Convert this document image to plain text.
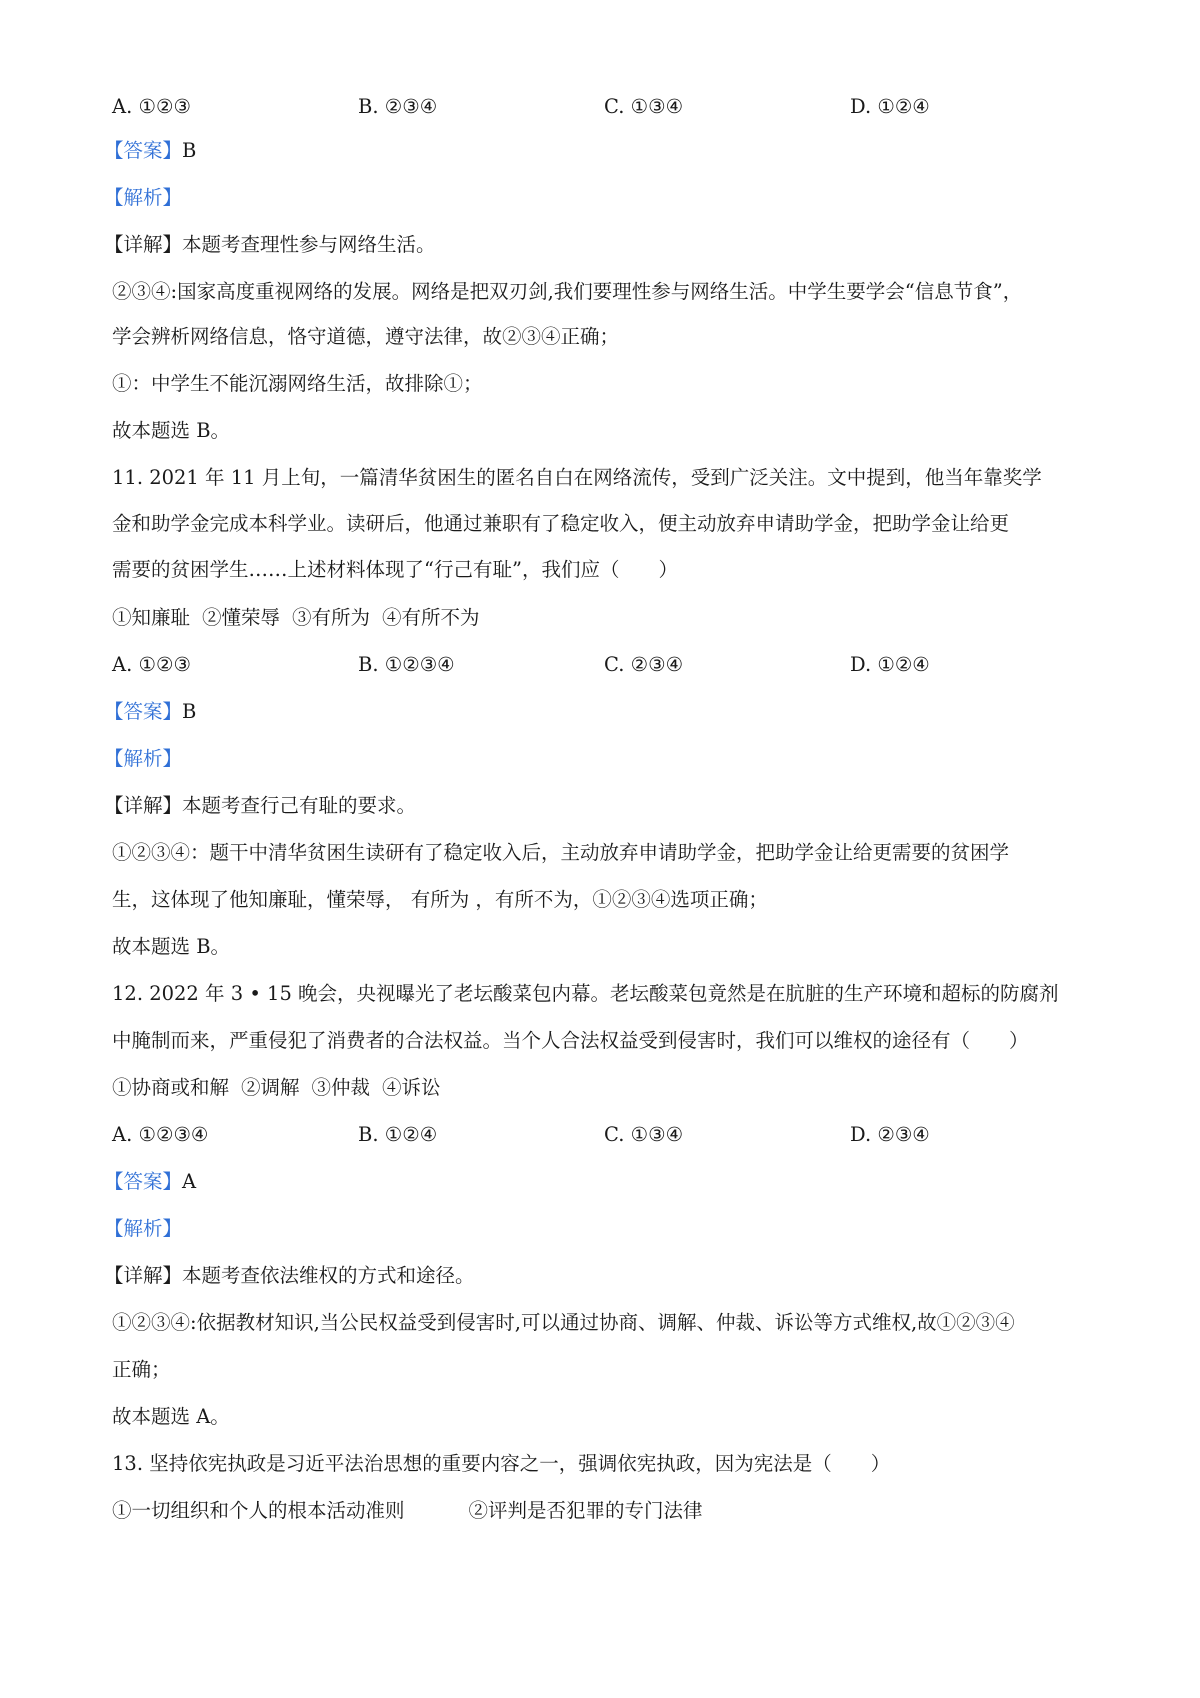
A. ①②③	B. ②③④	C. ①③④	D. ①②④
【答案】B
【解析】
【详解】本题考查理性参与网络生活。
②③④:国家高度重视网络的发展。网络是把双刃剑,我们要理性参与网络生活。中学生要学会“信息节食”，
学会辨析网络信息，恪守道德，遵守法律，故②③④正确；
①：中学生不能沉溺网络生活，故排除①；
故本题选 B。
11. 2021 年 11 月上旬，一篇清华贫困生的匿名自白在网络流传，受到广泛关注。文中提到，他当年靠奖学
金和助学金完成本科学业。读研后，他通过兼职有了稳定收入，便主动放弃申请助学金，把助学金让给更
需要的贫困学生……上述材料体现了“行己有耻”，我们应（　　）
①知廉耻 ②懂荣辱 ③有所为 ④有所不为
A. ①②③	B. ①②③④	C. ②③④	D. ①②④
【答案】B
【解析】
【详解】本题考查行己有耻的要求。
①②③④：题干中清华贫困生读研有了稳定收入后，主动放弃申请助学金，把助学金让给更需要的贫困学
生，这体现了他知廉耻，懂荣辱， 有所为 ，有所不为，①②③④选项正确；
故本题选 B。
12. 2022 年 3 • 15 晚会，央视曝光了老坛酸菜包内幕。老坛酸菜包竟然是在肮脏的生产环境和超标的防腐剂
中腌制而来，严重侵犯了消费者的合法权益。当个人合法权益受到侵害时，我们可以维权的途径有（　　）
①协商或和解 ②调解 ③仲裁 ④诉讼
A. ①②③④	B. ①②④	C. ①③④	D. ②③④
【答案】A
【解析】
【详解】本题考查依法维权的方式和途径。
①②③④:依据教材知识,当公民权益受到侵害时,可以通过协商、调解、仲裁、诉讼等方式维权,故①②③④
正确；
故本题选 A。
13. 坚持依宪执政是习近平法治思想的重要内容之一，强调依宪执政，因为宪法是（　　）
①一切组织和个人的根本活动准则	②评判是否犯罪的专门法律
